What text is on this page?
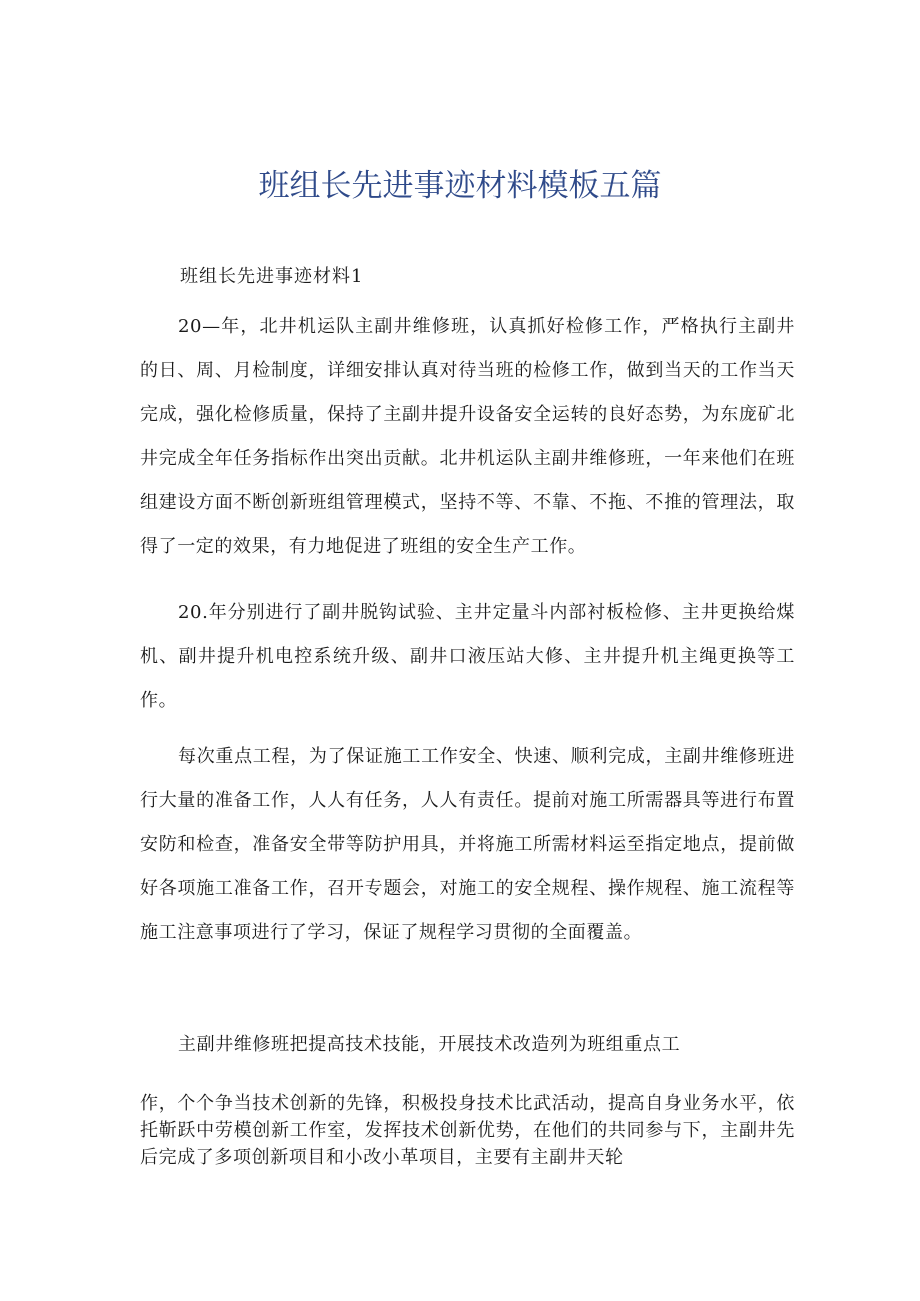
班组长先进事迹材料模板五篇

班组长先进事迹材料1

20—年，北井机运队主副井维修班，认真抓好检修工作，严格执行主副井的日、周、月检制度，详细安排认真对待当班的检修工作，做到当天的工作当天完成，强化检修质量，保持了主副井提升设备安全运转的良好态势，为东庞矿北井完成全年任务指标作出突出贡献。北井机运队主副井维修班，一年来他们在班组建设方面不断创新班组管理模式，坚持不等、不靠、不拖、不推的管理法，取得了一定的效果，有力地促进了班组的安全生产工作。

20.年分别进行了副井脱钩试验、主井定量斗内部衬板检修、主井更换给煤机、副井提升机电控系统升级、副井口液压站大修、主井提升机主绳更换等工作。

每次重点工程，为了保证施工工作安全、快速、顺利完成，主副井维修班进行大量的准备工作，人人有任务，人人有责任。提前对施工所需器具等进行布置安防和检查，准备安全带等防护用具，并将施工所需材料运至指定地点，提前做好各项施工准备工作，召开专题会，对施工的安全规程、操作规程、施工流程等施工注意事项进行了学习，保证了规程学习贯彻的全面覆盖。

主副井维修班把提高技术技能，开展技术改造列为班组重点工

作，个个争当技术创新的先锋，积极投身技术比武活动，提高自身业务水平，依托靳跃中劳模创新工作室，发挥技术创新优势，在他们的共同参与下，主副井先后完成了多项创新项目和小改小革项目，主要有主副井天轮
